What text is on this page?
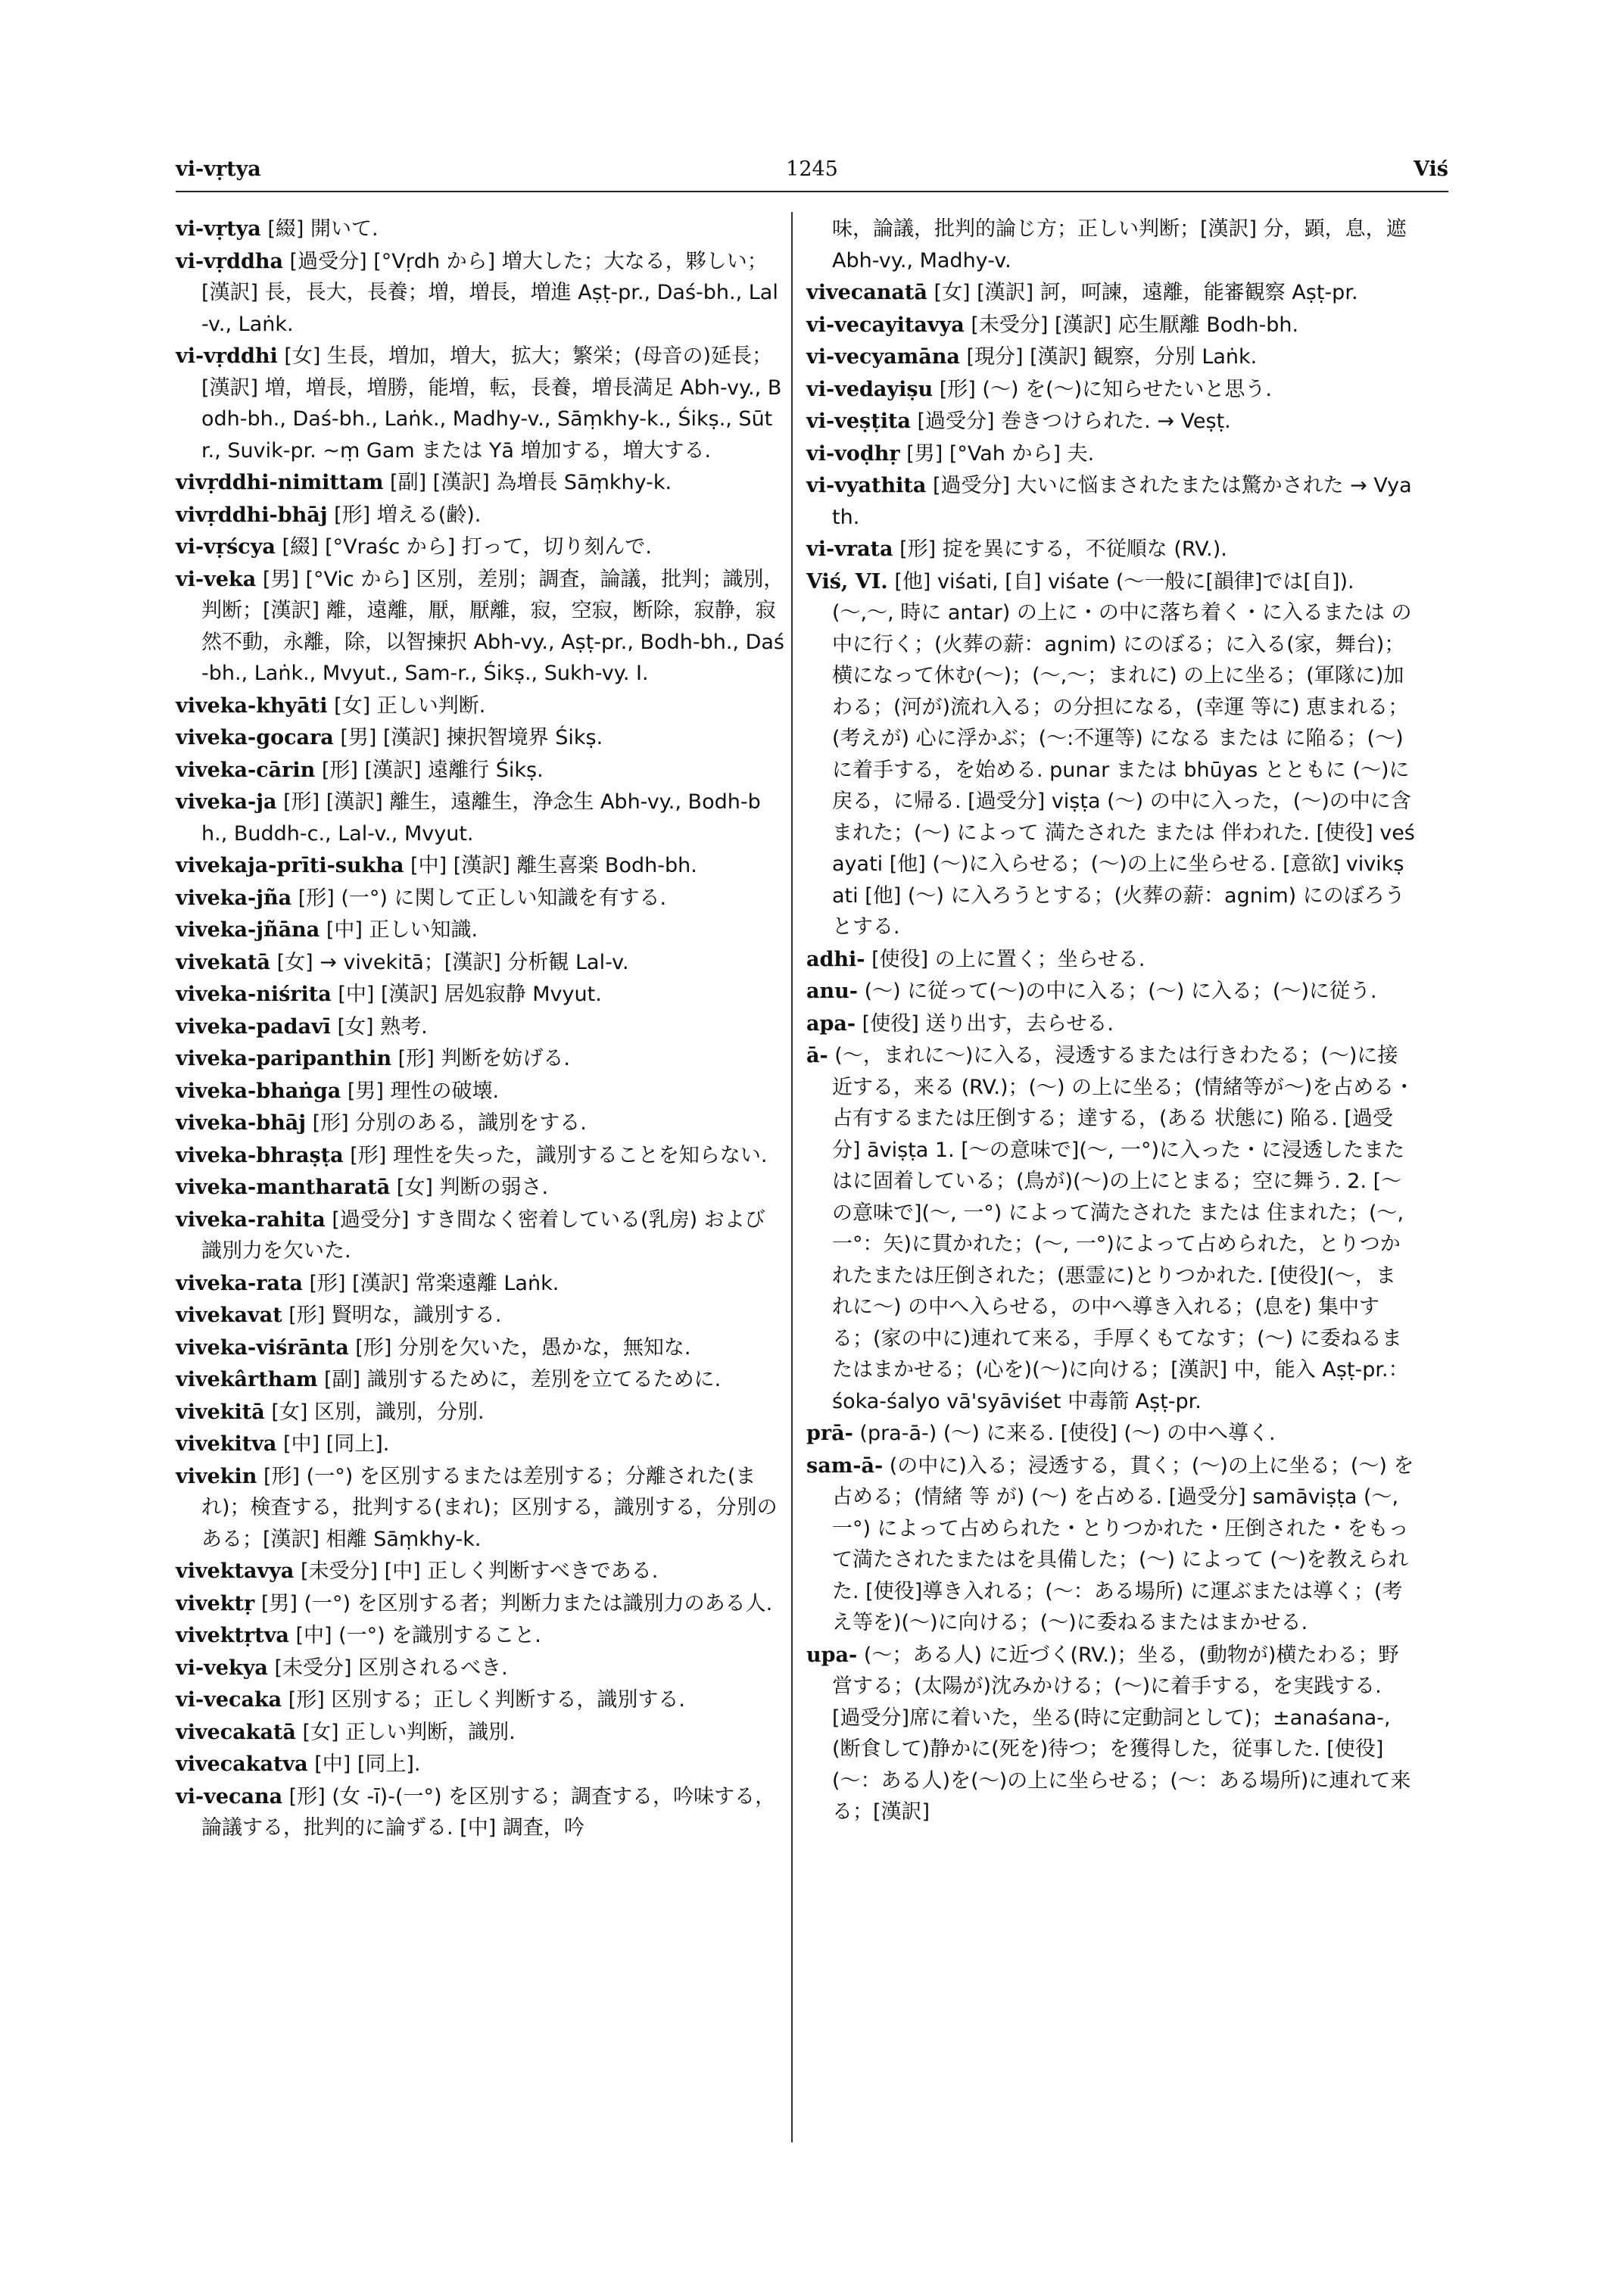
vi-vṛtya	1245	Viś
vi-vṛtya [綴] 開いて.
vi-vṛddha [過受分] [°Vṛdh から] 増大した；大なる，夥しい；[漢訳] 長，長大，長養；増，増長，増進 Aṣṭ-pr., Daś-bh., Lal-v., Laṅk.
vi-vṛddhi [女] 生長，増加，増大，拡大；繁栄；(母音の)延長；[漢訳] 増，増長，増勝，能増，転，長養，増長満足 Abh-vy., Bodh-bh., Daś-bh., Laṅk., Madhy-v., Sāṃkhy-k., Śikṣ., Sūtr., Suvik-pr. ~ṃ Gam または Yā 増加する，増大する.
vivṛddhi-nimittam [副] [漢訳] 為増長 Sāṃkhy-k.
vivṛddhi-bhāj [形] 増える(齢).
vi-vṛścya [綴] [°Vraśc から] 打って，切り刻んで.
vi-veka [男] [°Vic から] 区別，差別；調査，論議，批判；識別，判断；[漢訳] 離，遠離，厭，厭離，寂，空寂，断除，寂静，寂然不動，永離，除，以智揀択 Abh-vy., Aṣṭ-pr., Bodh-bh., Daś-bh., Laṅk., Mvyut., Sam-r., Śikṣ., Sukh-vy. I.
viveka-khyāti [女] 正しい判断.
viveka-gocara [男] [漢訳] 揀択智境界 Śikṣ.
viveka-cārin [形] [漢訳] 遠離行 Śikṣ.
viveka-ja [形] [漢訳] 離生，遠離生，浄念生 Abh-vy., Bodh-bh., Buddh-c., Lal-v., Mvyut.
vivekaja-prīti-sukha [中] [漢訳] 離生喜楽 Bodh-bh.
viveka-jña [形] (一°) に関して正しい知識を有する.
viveka-jñāna [中] 正しい知識.
vivekatā [女] → vivekitā；[漢訳] 分析観 Lal-v.
viveka-niśrita [中] [漢訳] 居処寂静 Mvyut.
viveka-padavī [女] 熟考.
viveka-paripanthin [形] 判断を妨げる.
viveka-bhaṅga [男] 理性の破壊.
viveka-bhāj [形] 分別のある，識別をする.
viveka-bhraṣṭa [形] 理性を失った，識別することを知らない.
viveka-mantharatā [女] 判断の弱さ.
viveka-rahita [過受分] すき間なく密着している(乳房) および識別力を欠いた.
viveka-rata [形] [漢訳] 常楽遠離 Laṅk.
vivekavat [形] 賢明な，識別する.
viveka-viśrānta [形] 分別を欠いた，愚かな，無知な.
vivekârtham [副] 識別するために，差別を立てるために.
vivekitā [女] 区別，識別，分別.
vivekitva [中] [同上].
vivekin [形] (一°) を区別するまたは差別する；分離された(まれ)；検査する，批判する(まれ)；区別する，識別する，分別のある；[漢訳] 相離 Sāṃkhy-k.
vivektavya [未受分] [中] 正しく判断すべきである.
vivektṛ [男] (一°) を区別する者；判断力または識別力のある人.
vivektṛtva [中] (一°) を識別すること.
vi-vekya [未受分] 区別されるべき.
vi-vecaka [形] 区別する；正しく判断する，識別する.
vivecakatā [女] 正しい判断，識別.
vivecakatva [中] [同上].
vi-vecana [形] (女 -ī)-(一°) を区別する；調査する，吟味する，論議する，批判的に論ずる. [中] 調査，吟
味，論議，批判的論じ方；正しい判断；[漢訳] 分，顕，息，遮 Abh-vy., Madhy-v.
vivecanatā [女] [漢訳] 訶，呵諫，遠離，能審観察 Aṣṭ-pr.
vi-vecayitavya [未受分] [漢訳] 応生厭離 Bodh-bh.
vi-vecyamāna [現分] [漢訳] 観察，分別 Laṅk.
vi-vedayiṣu [形] (〜) を(〜)に知らせたいと思う.
vi-veṣṭita [過受分] 巻きつけられた. → Veṣṭ.
vi-voḍhṛ [男] [°Vah から] 夫.
vi-vyathita [過受分] 大いに悩まされたまたは驚かされた → Vyath.
vi-vrata [形] 掟を異にする，不従順な (RV.).
Viś, VI. [他] viśati, [自] viśate (〜一般に[韻律]では[自]). (〜,〜, 時に antar) の上に・の中に落ち着く・に入るまたは の中に行く；(火葬の薪：agnim) にのぼる；に入る(家，舞台)；横になって休む(〜)；(〜,〜；まれに) の上に坐る；(軍隊に)加わる；(河が)流れ入る；の分担になる，(幸運 等に) 恵まれる；(考えが) 心に浮かぶ；(〜:不運等) になる または に陥る；(〜)に着手する，を始める. punar または bhūyas とともに (〜)に戻る，に帰る. [過受分] viṣṭa (〜) の中に入った，(〜)の中に含まれた；(〜) によって 満たされた または 伴われた. [使役] veśayati [他] (〜)に入らせる；(〜)の上に坐らせる. [意欲] vivikṣati [他] (〜) に入ろうとする；(火葬の薪：agnim) にのぼろうとする.
adhi- [使役] の上に置く；坐らせる.
anu- (〜) に従って(〜)の中に入る；(〜) に入る；(〜)に従う.
apa- [使役] 送り出す，去らせる.
ā- (〜，まれに〜)に入る，浸透するまたは行きわたる；(〜)に接近する，来る (RV.)；(〜) の上に坐る；(情緒等が〜)を占める・占有するまたは圧倒する；達する，(ある 状態に) 陥る. [過受分] āviṣṭa 1. [〜の意味で](〜, 一°)に入った・に浸透したまたはに固着している；(鳥が)(〜)の上にとまる；空に舞う. 2. [〜の意味で](〜, 一°) によって満たされた または 住まれた；(〜, 一°：矢)に貫かれた；(〜, 一°)によって占められた，とりつかれたまたは圧倒された；(悪霊に)とりつかれた. [使役](〜，まれに〜) の中へ入らせる，の中へ導き入れる；(息を) 集中する；(家の中に)連れて来る，手厚くもてなす；(〜) に委ねるまたはまかせる；(心を)(〜)に向ける；[漢訳] 中，能入 Aṣṭ-pr.：śoka-śalyo vā'syāviśet 中毒箭 Aṣṭ-pr.
prā- (pra-ā-) (〜) に来る. [使役] (〜) の中へ導く.
sam-ā- (の中に)入る；浸透する，貫く；(〜)の上に坐る；(〜) を占める；(情緒 等 が) (〜) を占める. [過受分] samāviṣṭa (〜, 一°) によって占められた・とりつかれた・圧倒された・をもって満たされたまたはを具備した；(〜) によって (〜)を教えられた. [使役]導き入れる；(〜：ある場所) に運ぶまたは導く；(考え等を)(〜)に向ける；(〜)に委ねるまたはまかせる.
upa- (〜；ある人) に近づく(RV.)；坐る，(動物が)横たわる；野営する；(太陽が)沈みかける；(〜)に着手する，を実践する. [過受分]席に着いた，坐る(時に定動詞として)；±anaśana-, (断食して)静かに(死を)待つ；を獲得した，従事した. [使役] (〜：ある人)を(〜)の上に坐らせる；(〜：ある場所)に連れて来る；[漢訳]
